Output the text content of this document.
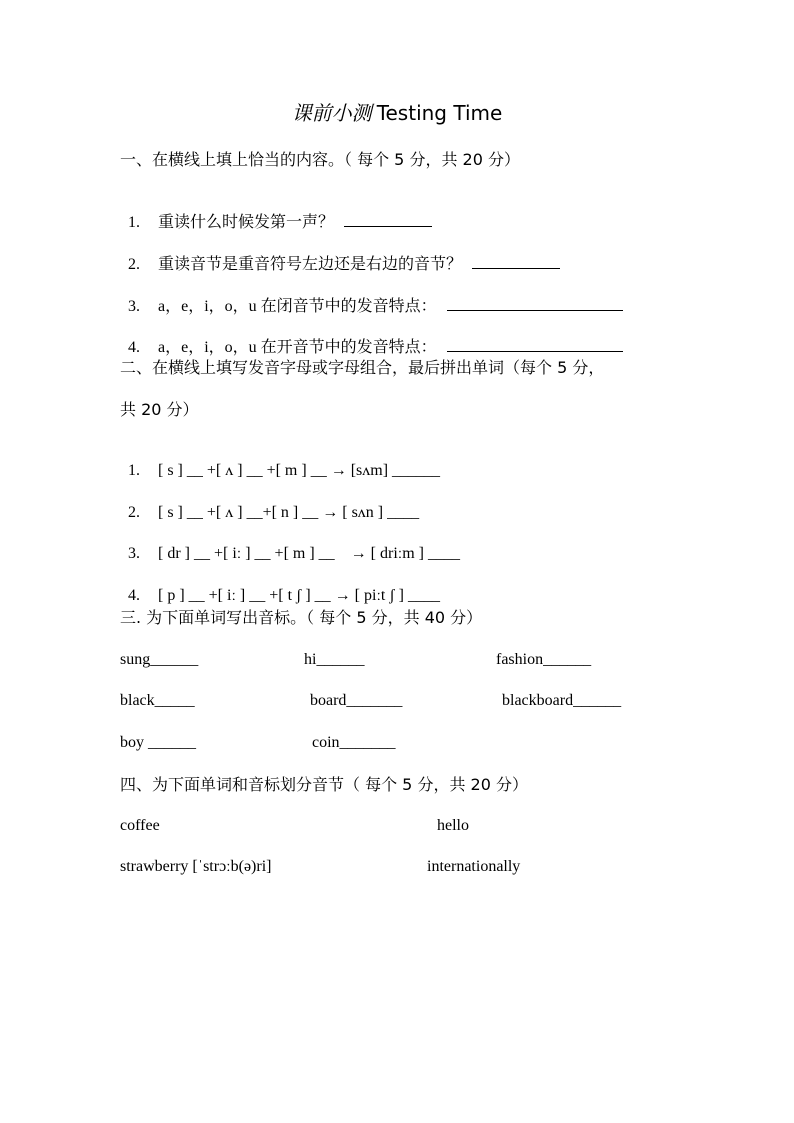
课前小测 Testing Time
一、在横线上填上恰当的内容。（ 每个 5 分，共 20 分）

1. 重读什么时候发第一声？

2. 重读音节是重音符号左边还是右边的音节？

3. a，e，i，o，u 在闭音节中的发音特点：

4. a，e，i，o，u 在开音节中的发音特点：

二、在横线上填写发音字母或字母组合，最后拼出单词（每个 5 分，
共 20 分）

1. [ s ] __ +[ ʌ ] __ +[ m ] __ → [sʌm] ______

2. [ s ] __ +[ ʌ ] __+[ n ] __ → [ sʌn ] ____

3. [ dr ] __ +[ iː ] __ +[ m ] __    → [ driːm ] ____

4. [ p ] __ +[ iː ] __ +[ t ʃ ] __ → [ piːt ʃ ] ____

三. 为下面单词写出音标。（ 每个 5 分，共 40 分）
sung______	hi______	fashion______
black_____	board_______	blackboard______
boy ______	coin_______
四、为下面单词和音标划分音节（ 每个 5 分，共 20 分）
coffee	hello
strawberry [ˈstrɔːb(ə)ri]	internationally
